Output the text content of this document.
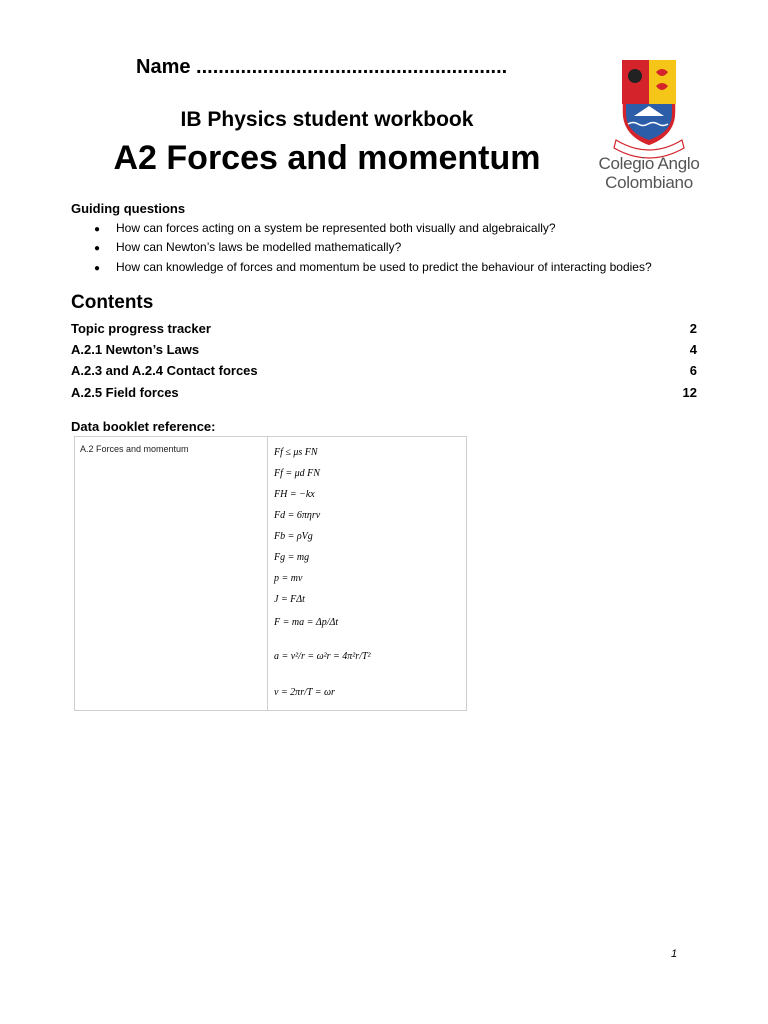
Name ........................................................
IB Physics student workbook
A2 Forces and momentum	Colegio Anglo Colombiano
Guiding questions
● How can forces acting on a system be represented both visually and algebraically?
● How can Newton’s laws be modelled mathematically?
● How can knowledge of forces and momentum be used to predict the behaviour of interacting bodies?
Contents
Topic progress tracker	2
A.2.1 Newton’s Laws	4
A.2.3 and A.2.4 Contact forces	6
A.2.5 Field forces	12
Data booklet reference:
A.2 Forces and momentum	Ff ≤ μs FN
Ff = μd FN
FH = −kx
Fd = 6πηrv
Fb = ρVg
Fg = mg
p = mv
J = FΔt
F = ma = Δp/Δt
a = v²/r = ω²r = 4π²r/T²
v = 2πr/T = ωr
1
